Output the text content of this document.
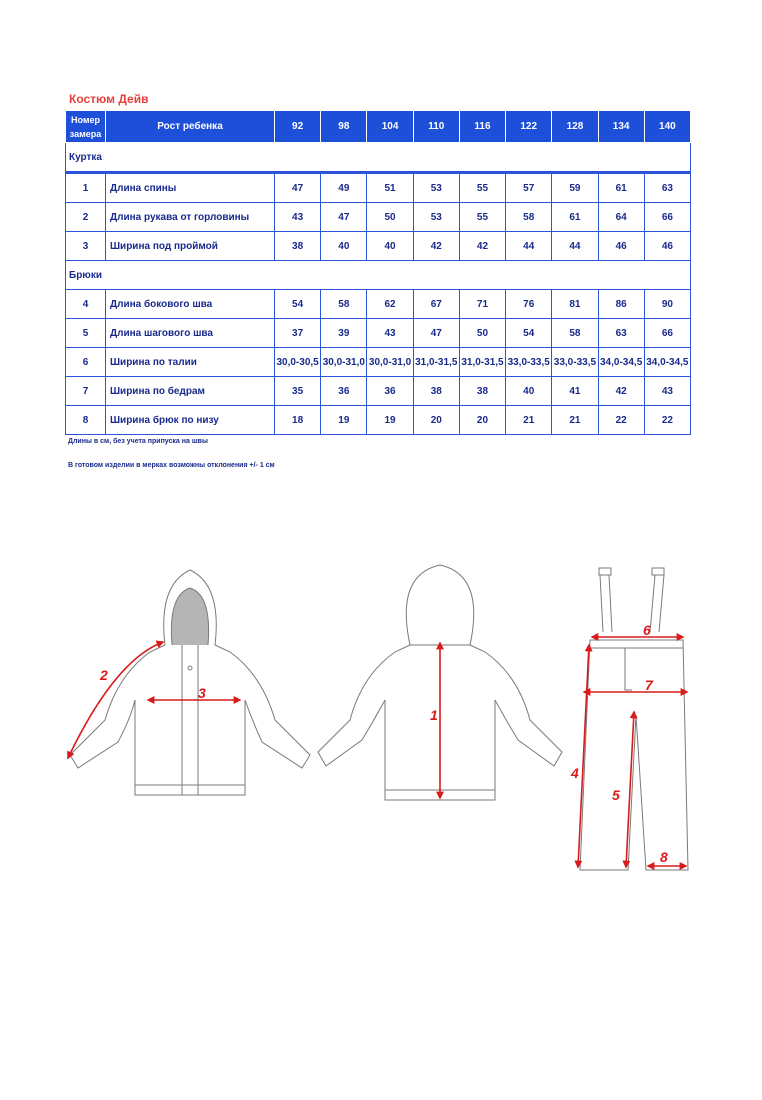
Костюм Дейв
Номер
замера	Рост ребенка	92	98	104	110	116	122	128	134	140
Куртка										
1	Длина спины	47	49	51	53	55	57	59	61	63
2	Длина рукава от горловины	43	47	50	53	55	58	61	64	66
3	Ширина под проймой	38	40	40	42	42	44	44	46	46
Брюки										
4	Длина бокового шва	54	58	62	67	71	76	81	86	90
5	Длина шагового шва	37	39	43	47	50	54	58	63	66
6	Ширина по талии	30,0-30,5	30,0-31,0	30,0-31,0	31,0-31,5	31,0-31,5	33,0-33,5	33,0-33,5	34,0-34,5	34,0-34,5
7	Ширина по бедрам	35	36	36	38	38	40	41	42	43
8	Ширина брюк по низу	18	19	19	20	20	21	21	22	22
Длины в см, без учета припуска на швы
В готовом изделии в мерках возможны отклонения +/- 1 см
2
3
1
6
7
4
5
8
